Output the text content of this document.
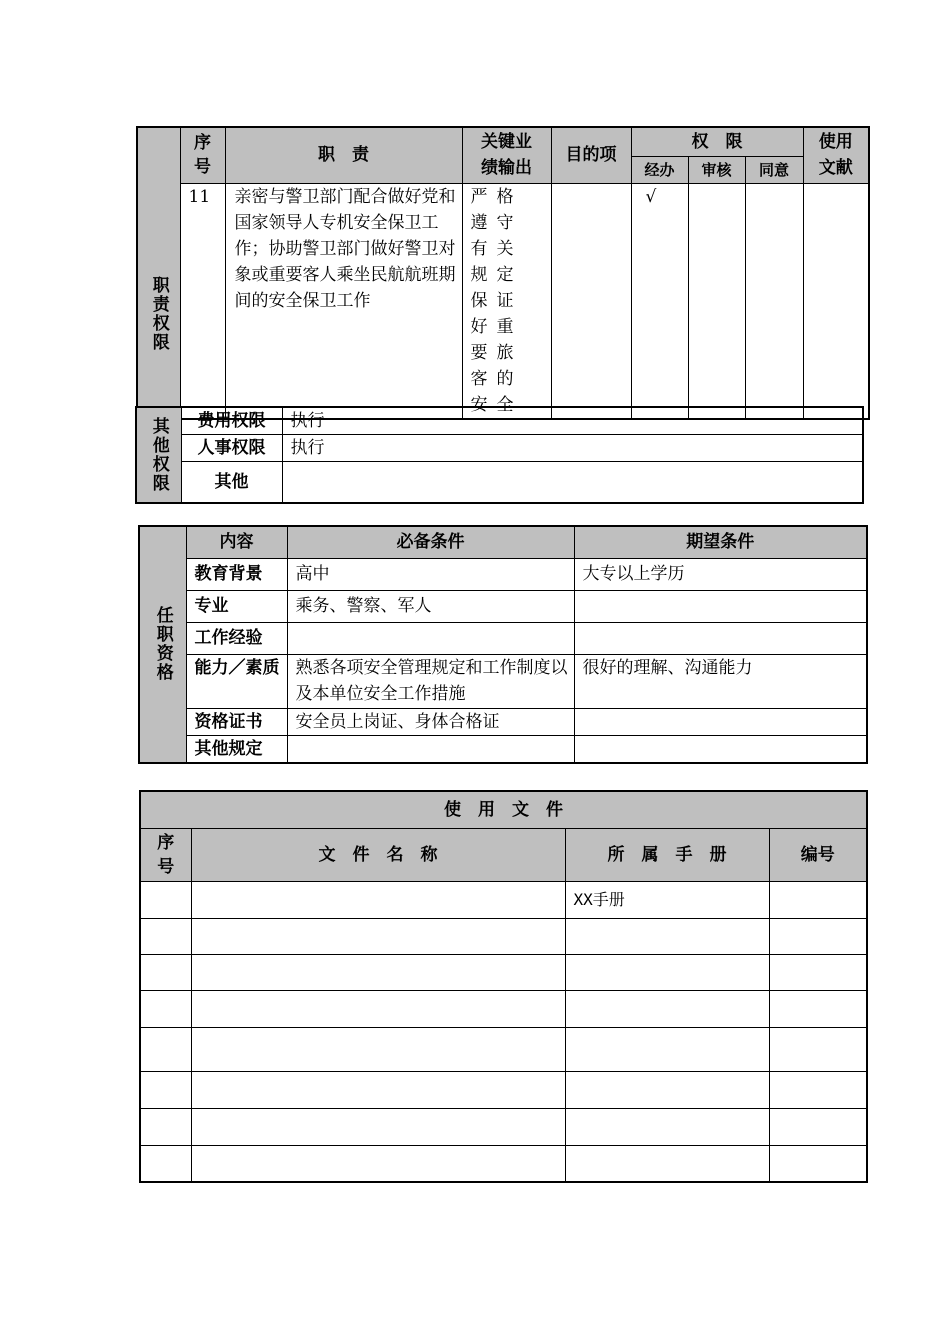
职责权限	序号	职　责	关键业绩输出	目的项	权　限			使用文献

					经办	审核	同意	
	11	亲密与警卫部门配合做好党和国家领导人专机安全保卫工作；协助警卫部门做好警卫对象或重要客人乘坐民航航班期间的安全保卫工作	严格遵守有关规定保证好重要旅客的安全		√			
其他权限	费用权限	执行
	人事权限	执行
	其他	
任职资格	内容	必备条件	期望条件
	教育背景	高中	大专以上学历
	专业	乘务、警察、军人	
	工作经验		
	能力／素质	熟悉各项安全管理规定和工作制度以及本单位安全工作措施	很好的理解、沟通能力
	资格证书	安全员上岗证、身体合格证	
	其他规定		
使　用　文　件			

序号	文　件　名　称	所　属　手　册	编号
		XX手册	
